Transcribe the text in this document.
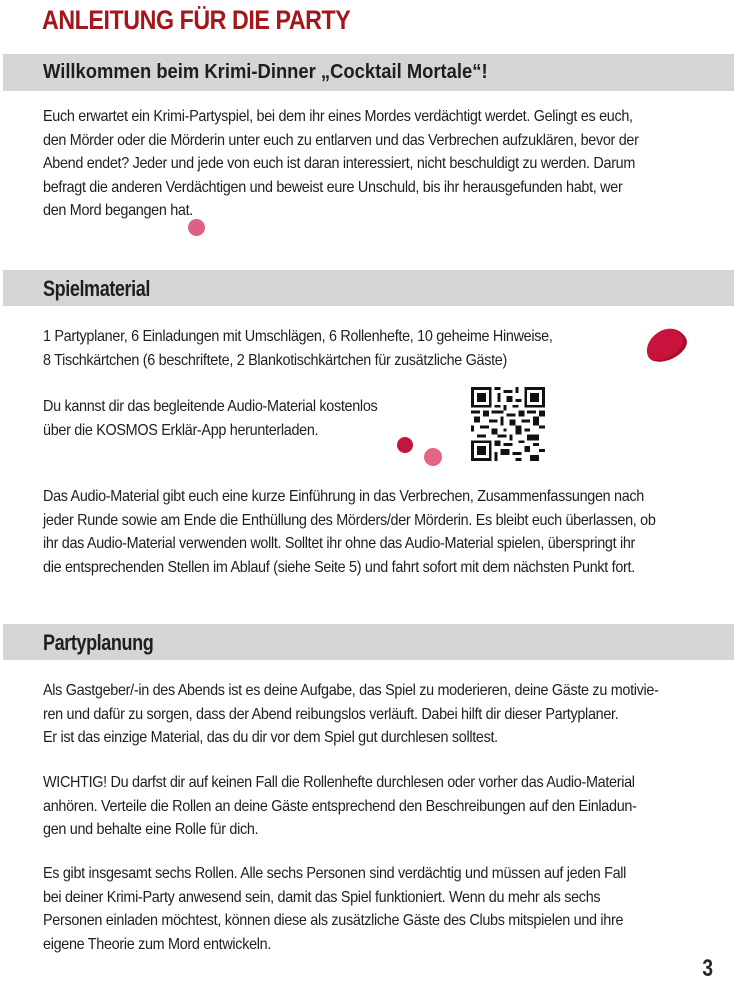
ANLEITUNG FÜR DIE PARTY
Willkommen beim Krimi-Dinner „Cocktail Mortale“!

Euch erwartet ein Krimi-Partyspiel, bei dem ihr eines Mordes verdächtigt werdet. Gelingt es euch,
den Mörder oder die Mörderin unter euch zu entlarven und das Verbrechen aufzuklären, bevor der
Abend endet? Jeder und jede von euch ist daran interessiert, nicht beschuldigt zu werden. Darum
befragt die anderen Verdächtigen und beweist eure Unschuld, bis ihr herausgefunden habt, wer
den Mord begangen hat.

Spielmaterial

1 Partyplaner, 6 Einladungen mit Umschlägen, 6 Rollenhefte, 10 geheime Hinweise,
8 Tischkärtchen (6 beschriftete, 2 Blankotischkärtchen für zusätzliche Gäste)

Du kannst dir das begleitende Audio-Material kostenlos
über die KOSMOS Erklär-App herunterladen.

Das Audio-Material gibt euch eine kurze Einführung in das Verbrechen, Zusammenfassungen nach
jeder Runde sowie am Ende die Enthüllung des Mörders/der Mörderin. Es bleibt euch überlassen, ob
ihr das Audio-Material verwenden wollt. Solltet ihr ohne das Audio-Material spielen, überspringt ihr
die entsprechenden Stellen im Ablauf (siehe Seite 5) und fahrt sofort mit dem nächsten Punkt fort.

Partyplanung

Als Gastgeber/-in des Abends ist es deine Aufgabe, das Spiel zu moderieren, deine Gäste zu motivie-
ren und dafür zu sorgen, dass der Abend reibungslos verläuft. Dabei hilft dir dieser Partyplaner.
Er ist das einzige Material, das du dir vor dem Spiel gut durchlesen solltest.

WICHTIG! Du darfst dir auf keinen Fall die Rollenhefte durchlesen oder vorher das Audio-Material
anhören. Verteile die Rollen an deine Gäste entsprechend den Beschreibungen auf den Einladun-
gen und behalte eine Rolle für dich.

Es gibt insgesamt sechs Rollen. Alle sechs Personen sind verdächtig und müssen auf jeden Fall
bei deiner Krimi-Party anwesend sein, damit das Spiel funktioniert. Wenn du mehr als sechs
Personen einladen möchtest, können diese als zusätzliche Gäste des Clubs mitspielen und ihre
eigene Theorie zum Mord entwickeln.

3
